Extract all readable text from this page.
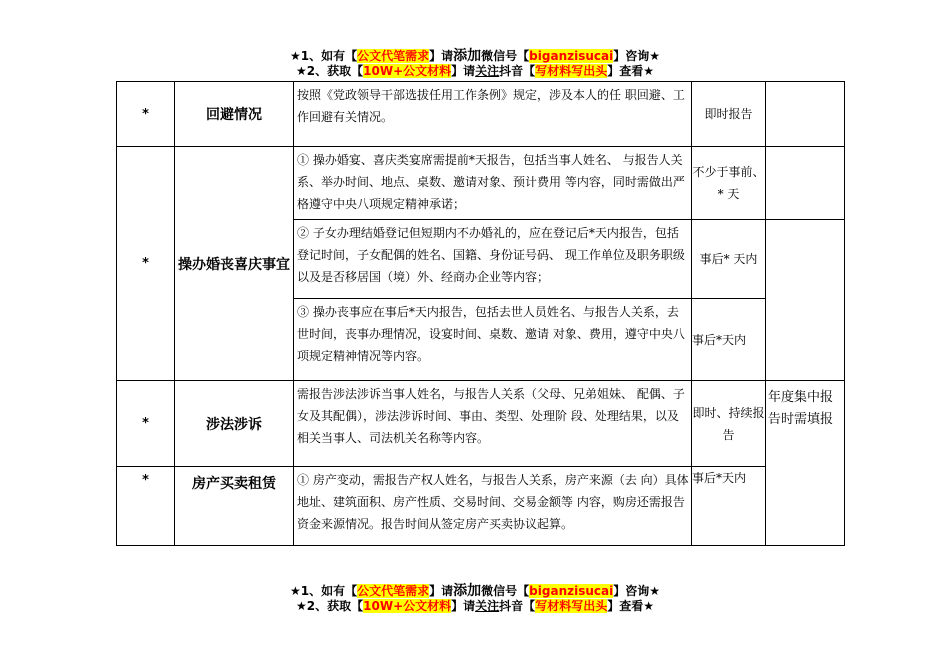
★1、如有【公文代笔需求】请添加微信号【biganzisucai】咨询★
★2、获取【10W+公文材料】请关注抖音【写材料写出头】查看★
*	回避情况	按照《党政领导干部选拔任用工作条例》规定，涉及本人的任 职回避、工作回避有关情况。	即时报告	
*	操办婚丧喜庆事宜	① 操办婚宴、喜庆类宴席需提前*天报告，包括当事人姓名、 与报告人关系、举办时间、地点、桌数、邀请对象、预计费用 等内容，同时需做出严格遵守中央八项规定精神承诺；	不少于事前、* 天	
		② 子女办理结婚登记但短期内不办婚礼的，应在登记后*天内报告，包括登记时间，子女配偶的姓名、国籍、身份证号码、 现工作单位及职务职级以及是否移居国（境）外、经商办企业等内容；	事后* 天内	
		③ 操办丧事应在事后*天内报告，包括去世人员姓名、与报告人关系，去世时间，丧事办理情况，设宴时间、桌数、邀请 对象、费用，遵守中央八项规定精神情况等内容。	事后*天内	
*	涉法涉诉	需报告涉法涉诉当事人姓名，与报告人关系（父母、兄弟姐妹、 配偶、子女及其配偶），涉法涉诉时间、事由、类型、处理阶 段、处理结果，以及相关当事人、司法机关名称等内容。	即时、持续报告	年度集中报告时需填报
*	房产买卖租赁	① 房产变动，需报告产权人姓名，与报告人关系，房产来源（去 向）具体地址、建筑面积、房产性质、交易时间、交易金额等 内容，购房还需报告资金来源情况。报告时间从签定房产买卖协议起算。	事后*天内	
★1、如有【公文代笔需求】请添加微信号【biganzisucai】咨询★
★2、获取【10W+公文材料】请关注抖音【写材料写出头】查看★
